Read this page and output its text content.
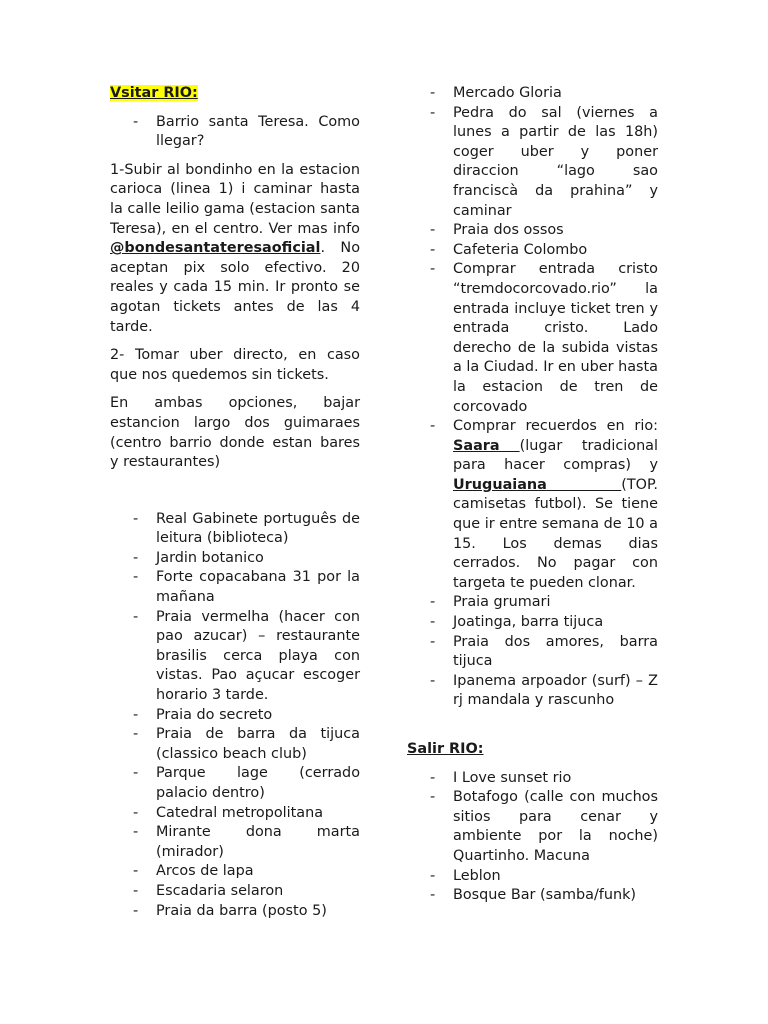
Vsitar RIO:
- Barrio santa Teresa. Como llegar?

1-Subir al bondinho en la estacion carioca (linea 1) i caminar hasta la calle leilio gama (estacion santa Teresa), en el centro. Ver mas info @bondesantateresaoficial. No aceptan pix solo efectivo. 20 reales y cada 15 min. Ir pronto se agotan tickets antes de las 4 tarde.

2- Tomar uber directo, en caso que nos quedemos sin tickets.

En ambas opciones, bajar estancion largo dos guimaraes (centro barrio donde estan bares y restaurantes)

- Real Gabinete português de leitura (biblioteca)
- Jardin botanico
- Forte copacabana 31 por la mañana
- Praia vermelha (hacer con pao azucar) – restaurante brasilis cerca playa con vistas. Pao açucar escoger horario 3 tarde.
- Praia do secreto
- Praia de barra da tijuca (classico beach club)
- Parque lage (cerrado palacio dentro)
- Catedral metropolitana
- Mirante dona marta (mirador)
- Arcos de lapa
- Escadaria selaron
- Praia da barra (posto 5)
- Mercado Gloria
- Pedra do sal (viernes a lunes a partir de las 18h) coger uber y poner diraccion “lago sao franciscà da prahina” y caminar
- Praia dos ossos
- Cafeteria Colombo
- Comprar entrada cristo “tremdocorcovado.rio” la entrada incluye ticket tren y entrada cristo. Lado derecho de la subida vistas a la Ciudad. Ir en uber hasta la estacion de tren de corcovado
- Comprar recuerdos en rio: Saara (lugar tradicional para hacer compras) y Uruguaiana	(TOP. camisetas futbol). Se tiene que ir entre semana de 10 a 15. Los demas dias cerrados. No pagar con targeta te pueden clonar.
- Praia grumari
- Joatinga, barra tijuca
- Praia dos amores, barra tijuca
- Ipanema arpoador (surf) – Z rj mandala y rascunho
Salir RIO:
- I Love sunset rio
- Botafogo (calle con muchos sitios para cenar y ambiente por la noche) Quartinho. Macuna
- Leblon
- Bosque Bar (samba/funk)
